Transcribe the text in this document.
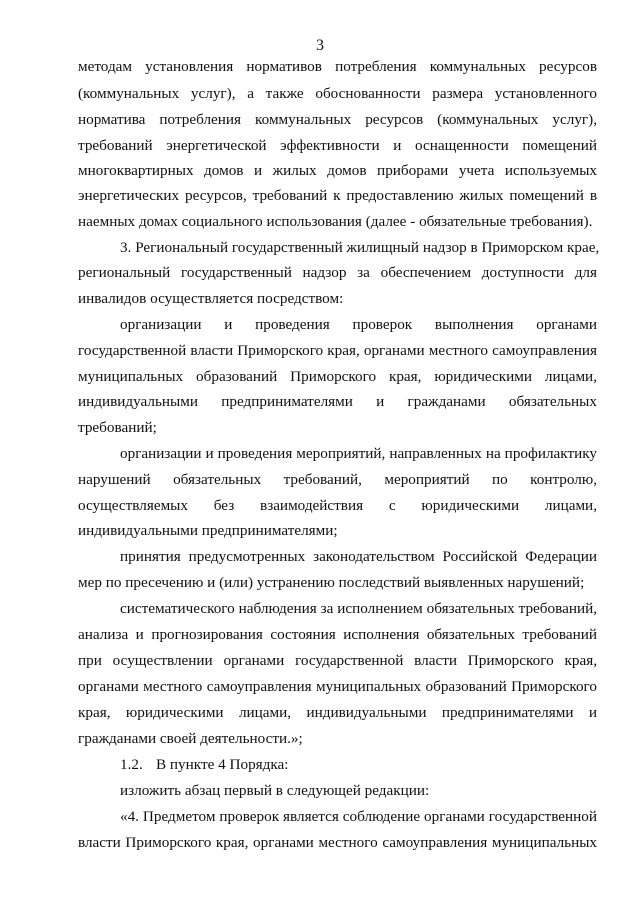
3
методам установления нормативов потребления коммунальных ресурсов
(коммунальных услуг), а также обоснованности размера установленного
норматива потребления коммунальных ресурсов (коммунальных услуг),
требований энергетической эффективности и оснащенности помещений
многоквартирных домов и жилых домов приборами учета используемых
энергетических ресурсов, требований к предоставлению жилых помещений в
наемных домах социального использования (далее - обязательные требования).
3. Региональный государственный жилищный надзор в Приморском крае,
региональный государственный надзор за обеспечением доступности для
инвалидов осуществляется посредством:
организации и проведения проверок выполнения органами
государственной власти Приморского края, органами местного самоуправления
муниципальных образований Приморского края, юридическими лицами,
индивидуальными предпринимателями и гражданами обязательных
требований;
организации и проведения мероприятий, направленных на профилактику
нарушений обязательных требований, мероприятий по контролю,
осуществляемых без взаимодействия с юридическими лицами,
индивидуальными предпринимателями;
принятия предусмотренных законодательством Российской Федерации
мер по пресечению и (или) устранению последствий выявленных нарушений;
систематического наблюдения за исполнением обязательных требований,
анализа и прогнозирования состояния исполнения обязательных требований
при осуществлении органами государственной власти Приморского края,
органами местного самоуправления муниципальных образований Приморского
края, юридическими лицами, индивидуальными предпринимателями и
гражданами своей деятельности.»;
1.2. В пункте 4 Порядка:
изложить абзац первый в следующей редакции:
«4. Предметом проверок является соблюдение органами государственной
власти Приморского края, органами местного самоуправления муниципальных
